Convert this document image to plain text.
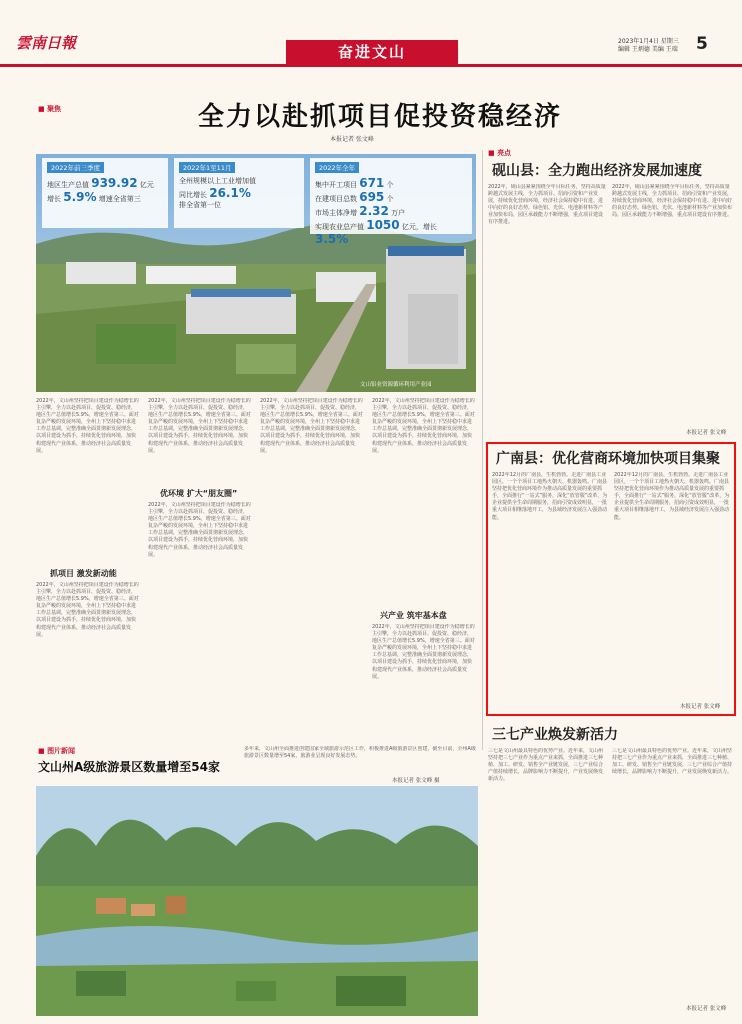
雲南日報	奋进文山
2023年1月4日 星期三
编辑 王炳德 美编 王瑞	5
■ 聚焦	全力以赴抓项目促投资稳经济
本报记者 张文峰
2022年前三季度
地区生产总值 939.92 亿元
增长 5.9% 增速全省第三
2022年1至11月
全州规模以上工业增加值
同比增长 26.1%
排全省第一位
2022年全年
集中开工项目 671 个
在建项目总数 695 个
市场主体净增 2.32 万户
实现农业总产值 1050 亿元，增长3.5%
文山铝业资源循环利用产业园
2022年，文山州坚持把项目建设作为稳增长的主引擎，全力以赴抓项目、促投资、稳经济，地区生产总值增长5.9%，增速全省第三。面对复杂严峻的发展环境，全州上下坚持稳中求进工作总基调，完整准确全面贯彻新发展理念，以项目建设为抓手，持续优化营商环境，加快构建现代产业体系，推动经济社会高质量发展。
抓项目 激发新动能
2022年，文山州坚持把项目建设作为稳增长的主引擎，全力以赴抓项目、促投资、稳经济，地区生产总值增长5.9%，增速全省第三。面对复杂严峻的发展环境，全州上下坚持稳中求进工作总基调，完整准确全面贯彻新发展理念，以项目建设为抓手，持续优化营商环境，加快构建现代产业体系，推动经济社会高质量发展。
2022年，文山州坚持把项目建设作为稳增长的主引擎，全力以赴抓项目、促投资、稳经济，地区生产总值增长5.9%，增速全省第三。面对复杂严峻的发展环境，全州上下坚持稳中求进工作总基调，完整准确全面贯彻新发展理念，以项目建设为抓手，持续优化营商环境，加快构建现代产业体系，推动经济社会高质量发展。
优环境 扩大“朋友圈”
2022年，文山州坚持把项目建设作为稳增长的主引擎，全力以赴抓项目、促投资、稳经济，地区生产总值增长5.9%，增速全省第三。面对复杂严峻的发展环境，全州上下坚持稳中求进工作总基调，完整准确全面贯彻新发展理念，以项目建设为抓手，持续优化营商环境，加快构建现代产业体系，推动经济社会高质量发展。
2022年，文山州坚持把项目建设作为稳增长的主引擎，全力以赴抓项目、促投资、稳经济，地区生产总值增长5.9%，增速全省第三。面对复杂严峻的发展环境，全州上下坚持稳中求进工作总基调，完整准确全面贯彻新发展理念，以项目建设为抓手，持续优化营商环境，加快构建现代产业体系，推动经济社会高质量发展。
2022年，文山州坚持把项目建设作为稳增长的主引擎，全力以赴抓项目、促投资、稳经济，地区生产总值增长5.9%，增速全省第三。面对复杂严峻的发展环境，全州上下坚持稳中求进工作总基调，完整准确全面贯彻新发展理念，以项目建设为抓手，持续优化营商环境，加快构建现代产业体系，推动经济社会高质量发展。
兴产业 筑牢基本盘
2022年，文山州坚持把项目建设作为稳增长的主引擎，全力以赴抓项目、促投资、稳经济，地区生产总值增长5.9%，增速全省第三。面对复杂严峻的发展环境，全州上下坚持稳中求进工作总基调，完整准确全面贯彻新发展理念，以项目建设为抓手，持续优化营商环境，加快构建现代产业体系，推动经济社会高质量发展。
■ 亮点
砚山县：全力跑出经济发展加速度
2022年，砚山县紧紧围绕全年目标任务，坚持高质量跨越式发展主线，全力抓项目、招商引资和产业发展，持续优化营商环境，经济社会保持稳中有进、进中向好的良好态势。绿色铝、光伏、电池新材料等产业加快布局，园区承载能力不断增强，重点项目建设有序推进。
2022年，砚山县紧紧围绕全年目标任务，坚持高质量跨越式发展主线，全力抓项目、招商引资和产业发展，持续优化营商环境，经济社会保持稳中有进、进中向好的良好态势。绿色铝、光伏、电池新材料等产业加快布局，园区承载能力不断增强，重点项目建设有序推进。
本报记者 张文峰
广南县：优化营商环境加快项目集聚
2022年12月的广南县，生机勃勃。走进广南县工业园区，一个个项目工地热火朝天、机器轰鸣。广南县坚持把优化营商环境作为推动高质量发展的重要抓手，全面推行“一站式”服务，深化“放管服”改革，为企业提供全生命周期服务，招商引资成效明显，一批重大项目相继落地开工，为县域经济发展注入强劲动能。
2022年12月的广南县，生机勃勃。走进广南县工业园区，一个个项目工地热火朝天、机器轰鸣。广南县坚持把优化营商环境作为推动高质量发展的重要抓手，全面推行“一站式”服务，深化“放管服”改革，为企业提供全生命周期服务，招商引资成效明显，一批重大项目相继落地开工，为县域经济发展注入强劲动能。
本报记者 张文峰
三七产业焕发新活力
三七是文山州最具特色的优势产业。近年来，文山州坚持把三七产业作为重点产业来抓，全面推进三七种植、加工、研发、销售全产业链发展，三七产业综合产值持续增长，品牌影响力不断提升，产业发展焕发新活力。
三七是文山州最具特色的优势产业。近年来，文山州坚持把三七产业作为重点产业来抓，全面推进三七种植、加工、研发、销售全产业链发展，三七产业综合产值持续增长，品牌影响力不断提升，产业发展焕发新活力。
本报记者 张文峰
■ 图片新闻
文山州A级旅游景区数量增至54家
多年来，文山州全面推进创建国家全域旅游示范区工作，积极推进A级旅游景区创建，截至目前，全州A级旅游景区数量增至54家，旅游业呈现良好发展态势。
本报记者 张文峰 摄
